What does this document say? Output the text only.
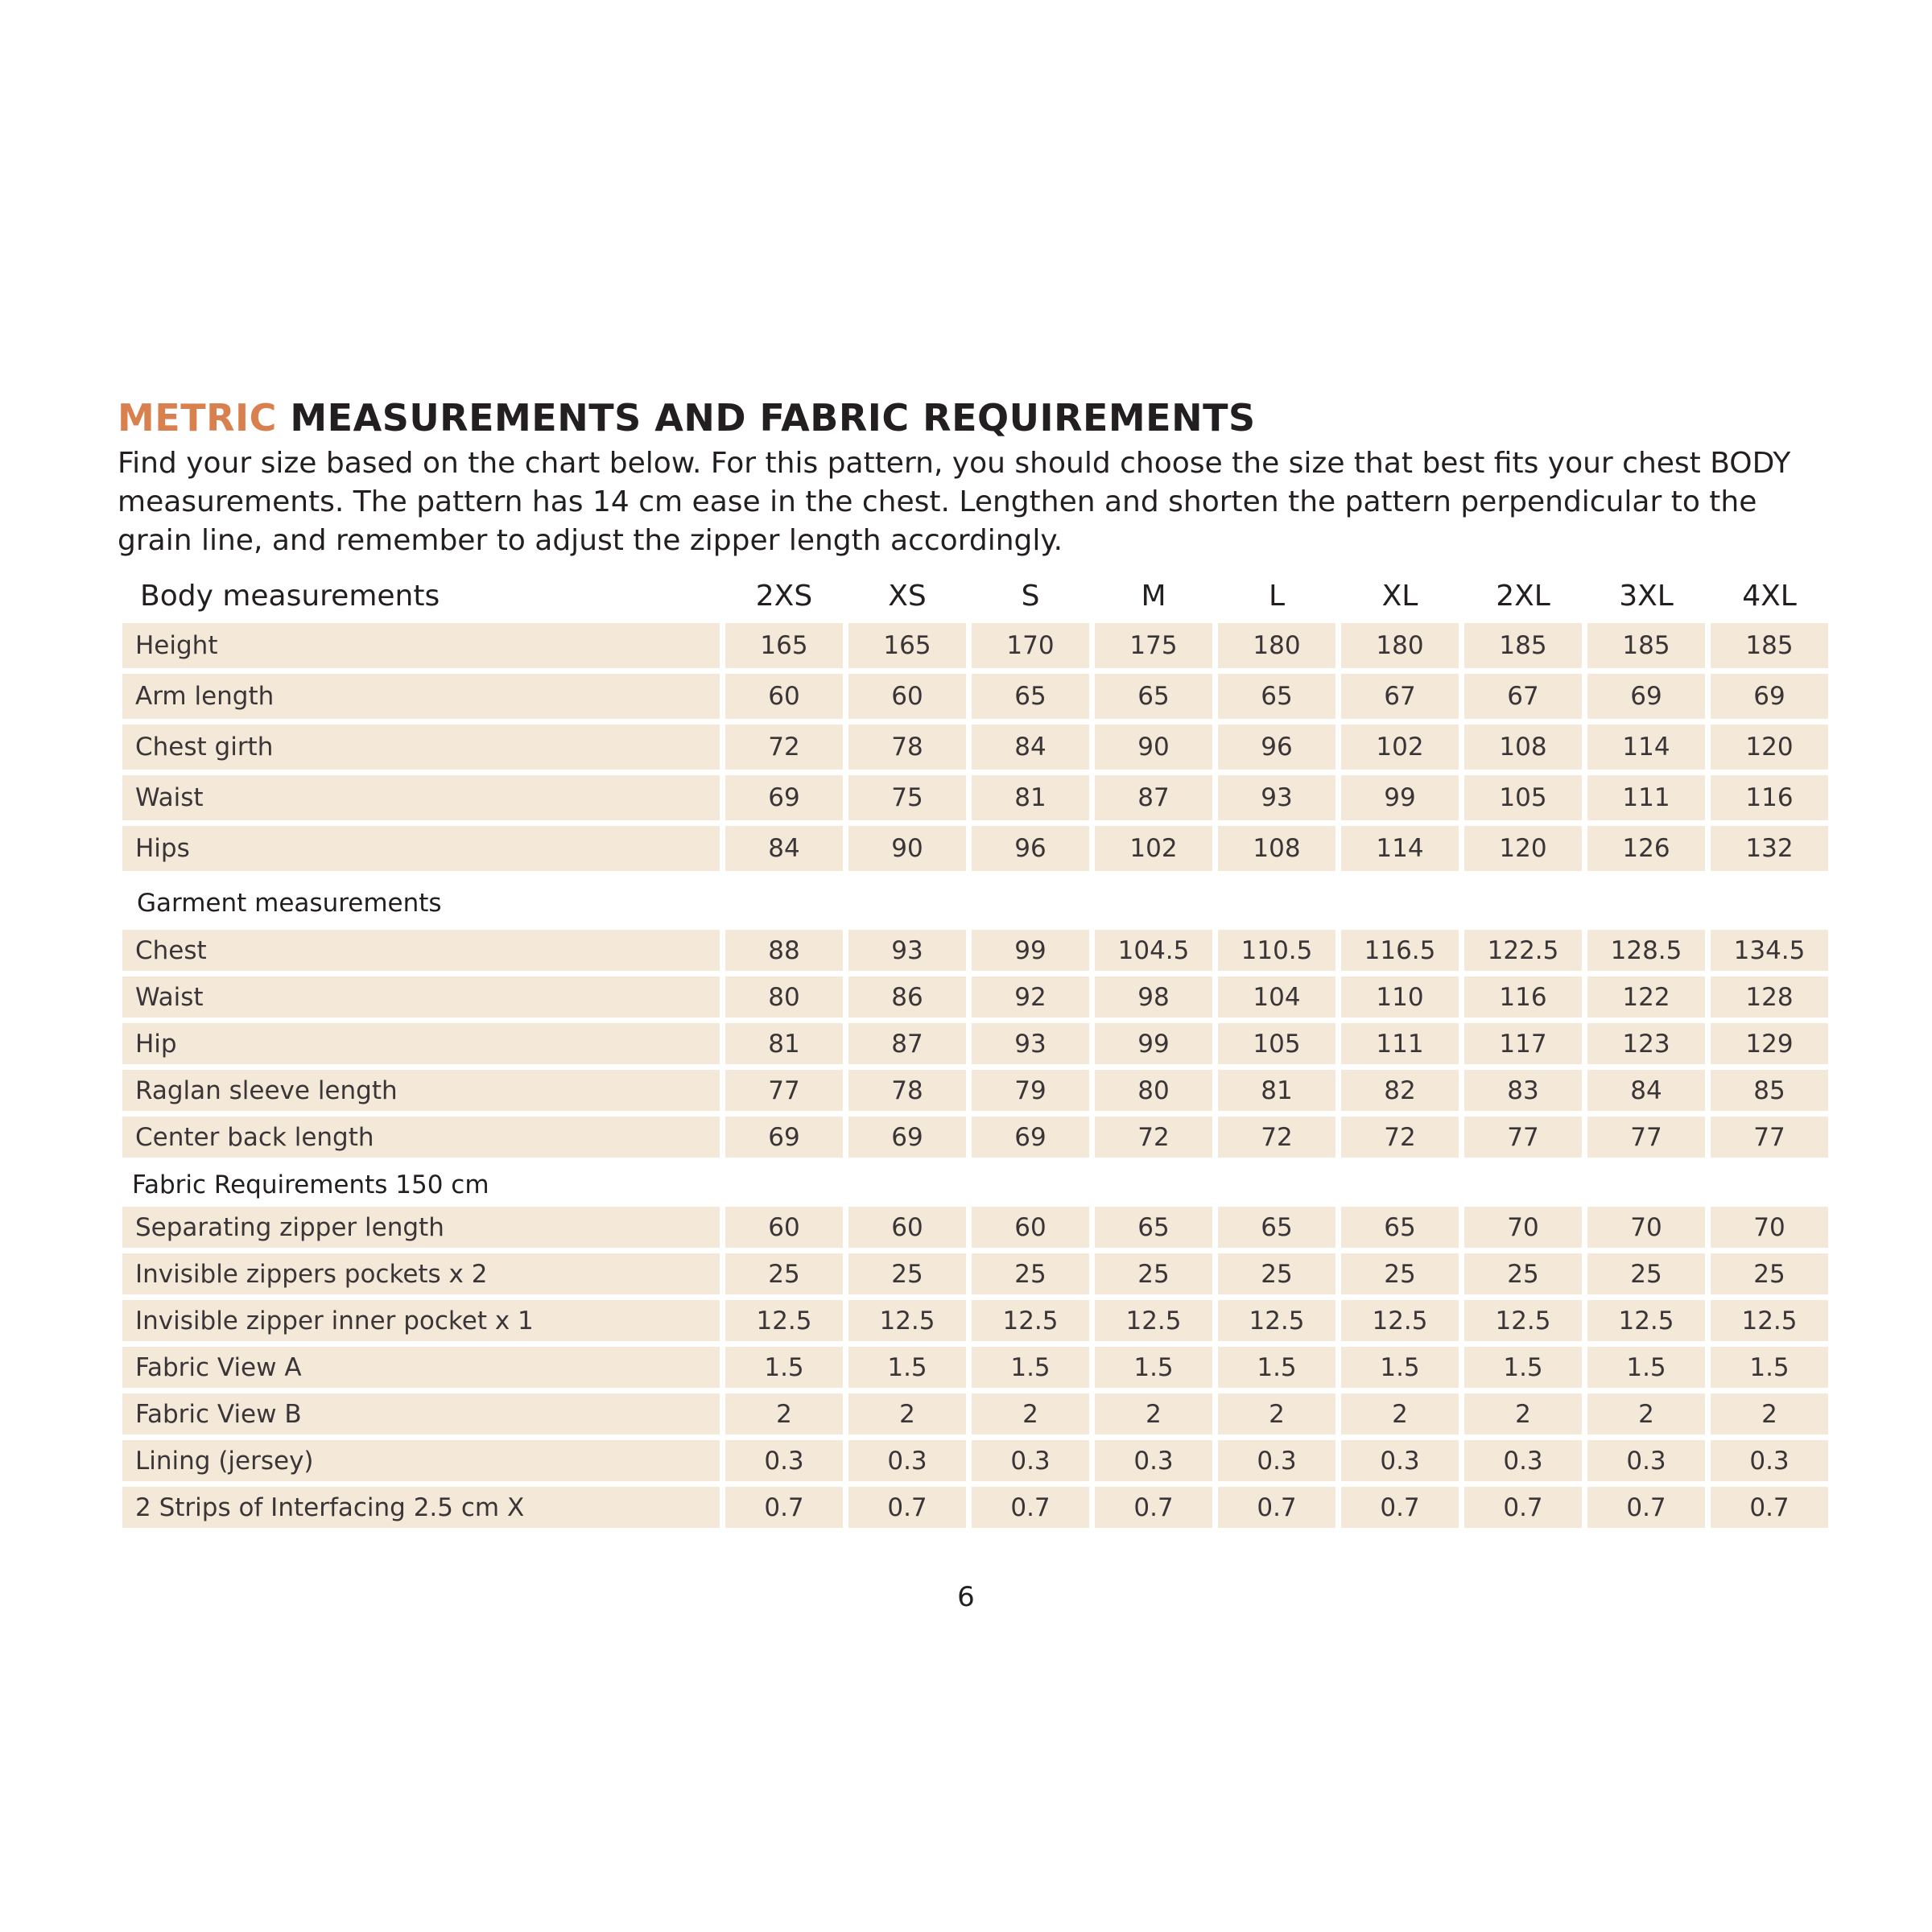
METRIC MEASUREMENTS AND FABRIC REQUIREMENTS

Find your size based on the chart below. For this pattern, you should choose the size that best fits your chest BODY measurements. The pattern has 14 cm ease in the chest. Lengthen and shorten the pattern perpendicular to the grain line, and remember to adjust the zipper length accordingly.

Body measurements	2XS	XS	S	M	L	XL	2XL	3XL	4XL
Height	165	165	170	175	180	180	185	185	185
Arm length	60	60	65	65	65	67	67	69	69
Chest girth	72	78	84	90	96	102	108	114	120
Waist	69	75	81	87	93	99	105	111	116
Hips	84	90	96	102	108	114	120	126	132
Garment measurements									
Chest	88	93	99	104.5	110.5	116.5	122.5	128.5	134.5
Waist	80	86	92	98	104	110	116	122	128
Hip	81	87	93	99	105	111	117	123	129
Raglan sleeve length	77	78	79	80	81	82	83	84	85
Center back length	69	69	69	72	72	72	77	77	77
Fabric Requirements 150 cm									
Separating zipper length	60	60	60	65	65	65	70	70	70
Invisible zippers pockets x 2	25	25	25	25	25	25	25	25	25
Invisible zipper inner pocket x 1	12.5	12.5	12.5	12.5	12.5	12.5	12.5	12.5	12.5
Fabric View A	1.5	1.5	1.5	1.5	1.5	1.5	1.5	1.5	1.5
Fabric View B	2	2	2	2	2	2	2	2	2
Lining (jersey)	0.3	0.3	0.3	0.3	0.3	0.3	0.3	0.3	0.3
2 Strips of Interfacing 2.5 cm X	0.7	0.7	0.7	0.7	0.7	0.7	0.7	0.7	0.7

6
